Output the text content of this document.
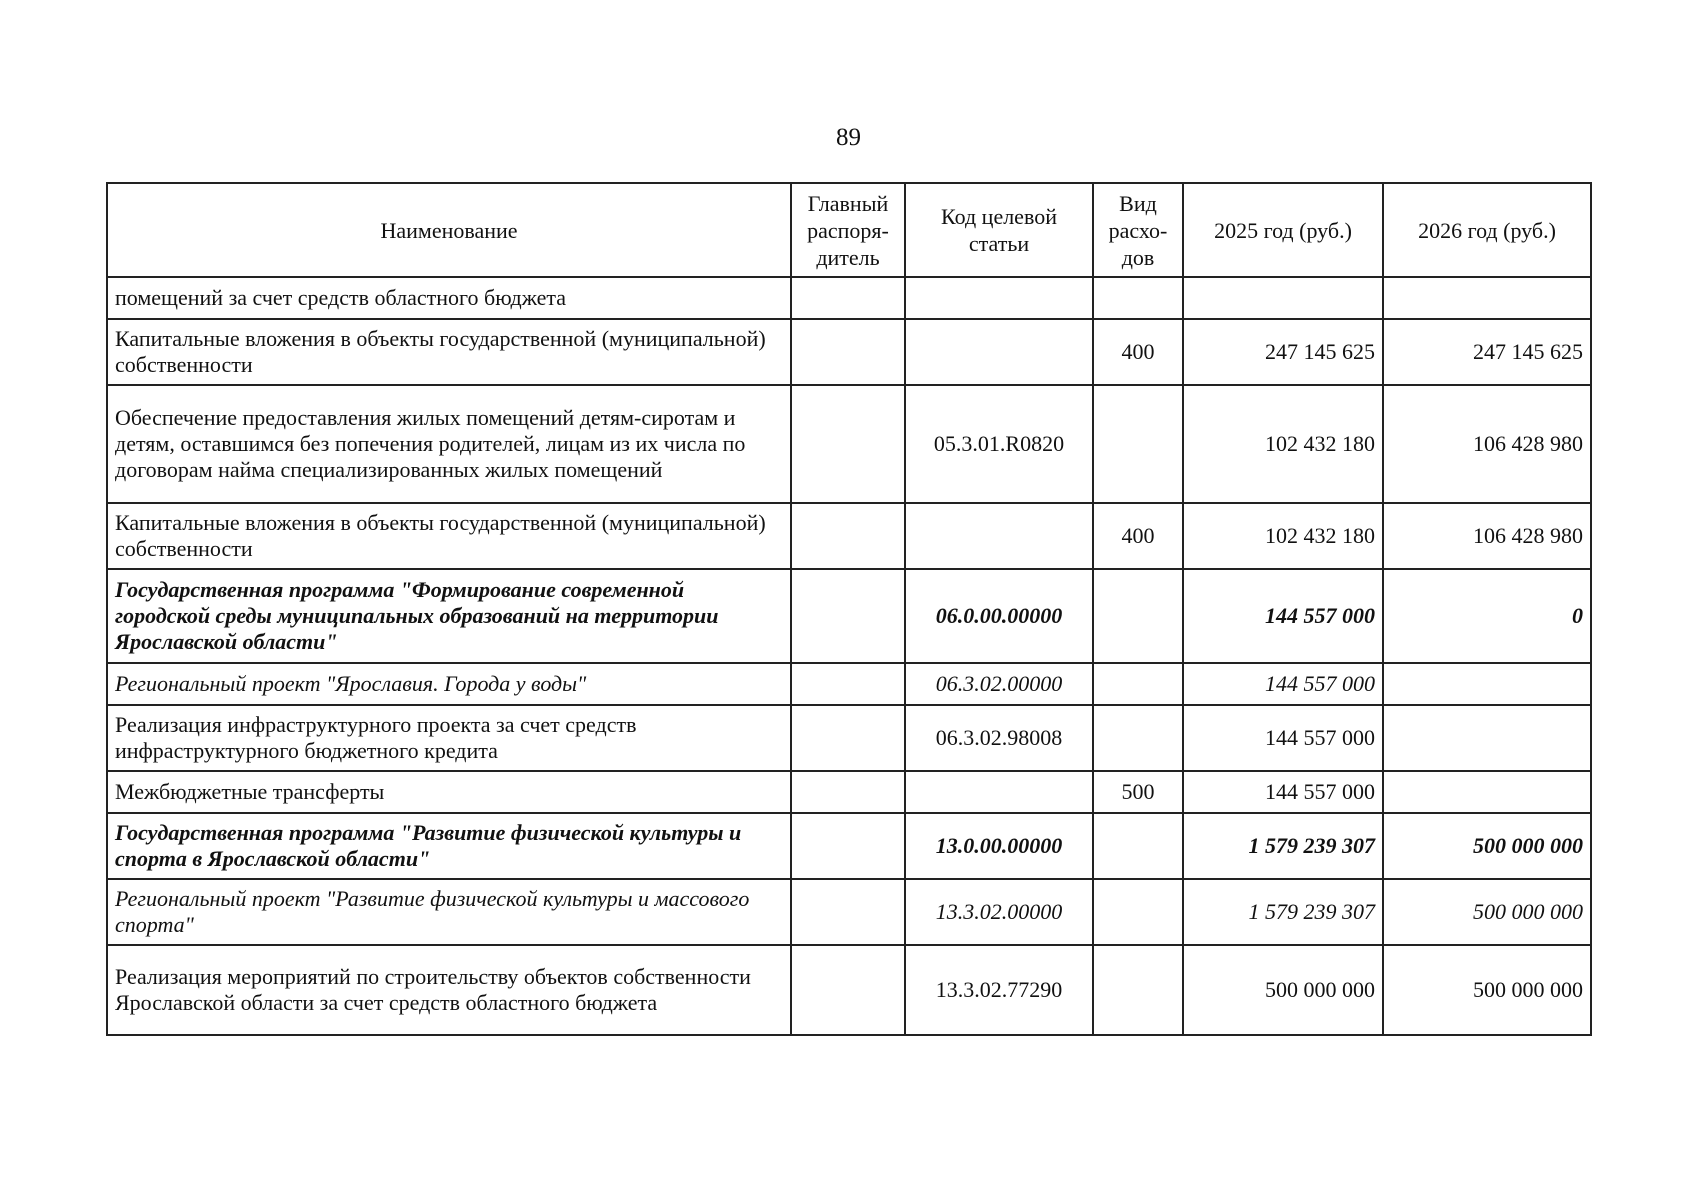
89
Наименование	Главный распоря-дитель	Код целевой статьи	Вид расхо-дов	2025 год (руб.)	2026 год (руб.)
помещений за счет средств областного бюджета					
Капитальные вложения в объекты государственной (муниципальной) собственности			400	247 145 625	247 145 625
Обеспечение предоставления жилых помещений детям-сиротам и детям, оставшимся без попечения родителей, лицам из их числа по договорам найма специализированных жилых помещений		05.3.01.R0820		102 432 180	106 428 980
Капитальные вложения в объекты государственной (муниципальной) собственности			400	102 432 180	106 428 980
Государственная программа "Формирование современной городской среды муниципальных образований на территории Ярославской области"		06.0.00.00000		144 557 000	0
Региональный проект "Ярославия. Города у воды"		06.3.02.00000		144 557 000	
Реализация инфраструктурного проекта за счет средств инфраструктурного бюджетного кредита		06.3.02.98008		144 557 000	
Межбюджетные трансферты			500	144 557 000	
Государственная программа "Развитие физической культуры и спорта в Ярославской области"		13.0.00.00000		1 579 239 307	500 000 000
Региональный проект "Развитие физической культуры и массового спорта"		13.3.02.00000		1 579 239 307	500 000 000
Реализация мероприятий по строительству объектов собственности Ярославской области за счет средств областного бюджета		13.3.02.77290		500 000 000	500 000 000
